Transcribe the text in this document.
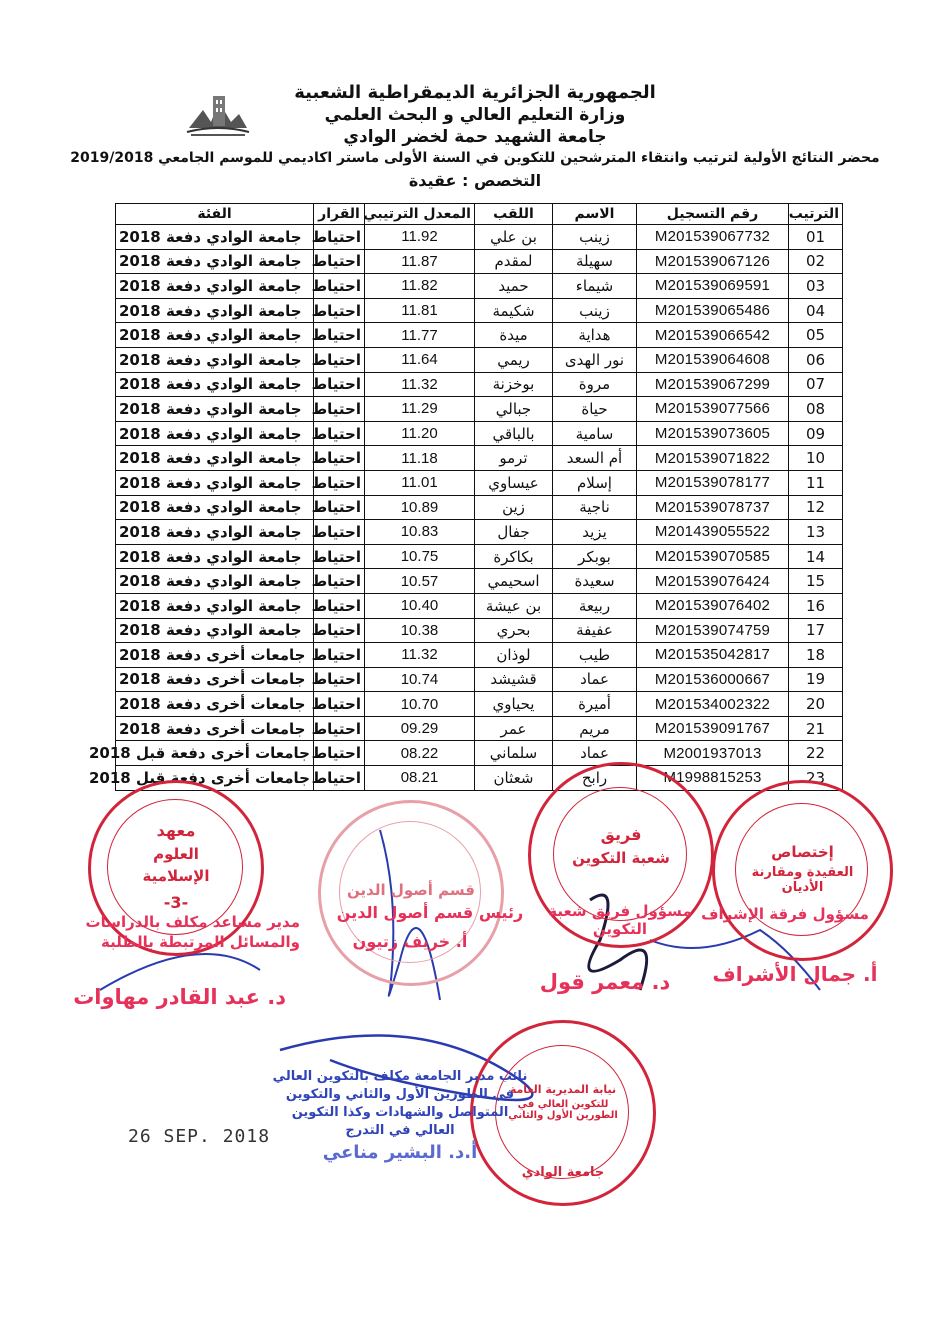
الجمهورية الجزائرية الديمقراطية الشعبية
وزارة التعليم العالي و البحث العلمي
جامعة الشهيد حمة لخضر الوادي
محضر النتائج الأولية لترتيب وانتقاء المترشحين للتكوين في السنة الأولى ماستر اكاديمي للموسم الجامعي 2019/2018
التخصص : عقيدة
الترتيب	رقم التسجيل	الاسم	اللقب	المعدل الترتيبي	القرار	الفئة
01	M201539067732	زينب	بن علي	11.92	احتياط	جامعة الوادي دفعة 2018
02	M201539067126	سهيلة	لمقدم	11.87	احتياط	جامعة الوادي دفعة 2018
03	M201539069591	شيماء	حميد	11.82	احتياط	جامعة الوادي دفعة 2018
04	M201539065486	زينب	شكيمة	11.81	احتياط	جامعة الوادي دفعة 2018
05	M201539066542	هداية	ميدة	11.77	احتياط	جامعة الوادي دفعة 2018
06	M201539064608	نور الهدى	ريمي	11.64	احتياط	جامعة الوادي دفعة 2018
07	M201539067299	مروة	بوخزنة	11.32	احتياط	جامعة الوادي دفعة 2018
08	M201539077566	حياة	جبالي	11.29	احتياط	جامعة الوادي دفعة 2018
09	M201539073605	سامية	بالباقي	11.20	احتياط	جامعة الوادي دفعة 2018
10	M201539071822	أم السعد	ترمو	11.18	احتياط	جامعة الوادي دفعة 2018
11	M201539078177	إسلام	عيساوي	11.01	احتياط	جامعة الوادي دفعة 2018
12	M201539078737	ناجية	زين	10.89	احتياط	جامعة الوادي دفعة 2018
13	M201439055522	يزيد	جفال	10.83	احتياط	جامعة الوادي دفعة 2018
14	M201539070585	بوبكر	بكاكرة	10.75	احتياط	جامعة الوادي دفعة 2018
15	M201539076424	سعيدة	اسحيمي	10.57	احتياط	جامعة الوادي دفعة 2018
16	M201539076402	ربيعة	بن عيشة	10.40	احتياط	جامعة الوادي دفعة 2018
17	M201539074759	عفيفة	بحري	10.38	احتياط	جامعة الوادي دفعة 2018
18	M201535042817	طيب	لوذان	11.32	احتياط	جامعات أخرى دفعة 2018
19	M201536000667	عماد	قشيشد	10.74	احتياط	جامعات أخرى دفعة 2018
20	M201534002322	أميرة	يحياوي	10.70	احتياط	جامعات أخرى دفعة 2018
21	M201539091767	مريم	عمر	09.29	احتياط	جامعات أخرى دفعة 2018
22	M2001937013	عماد	سلماني	08.22	احتياط	جامعات أخرى دفعة قبل 2018
23	M1998815253	رابح	شعثان	08.21	احتياط	جامعات أخرى دفعة قبل 2018
معهد
العلوم الإسلامية
-3-
قسم أصول الدين
فريق
شعبة التكوين	إختصاص
العقيدة ومقارنة الأديان
نيابة المديرية العامة
للتكوين العالي في الطورين الأول والثاني
جامعة الوادي
مدير مساعد مكلف بالدراسات والمسائل المرتبطة بالطلبة
د. عبد القادر مهاوات
رئيس قسم أصول الدين
أ. خريف زتيون
مسؤول فريق شعبة التكوين
د. معمر قول
مسؤول فرقة الإشراف
أ. جمال الأشراف
نائب مدير الجامعة مكلف بالتكوين العالي في الطورين الأول والثاني والتكوين المتواصل والشهادات وكذا التكوين العالي في التدرج
أ.د. البشير مناعي
26 SEP. 2018
